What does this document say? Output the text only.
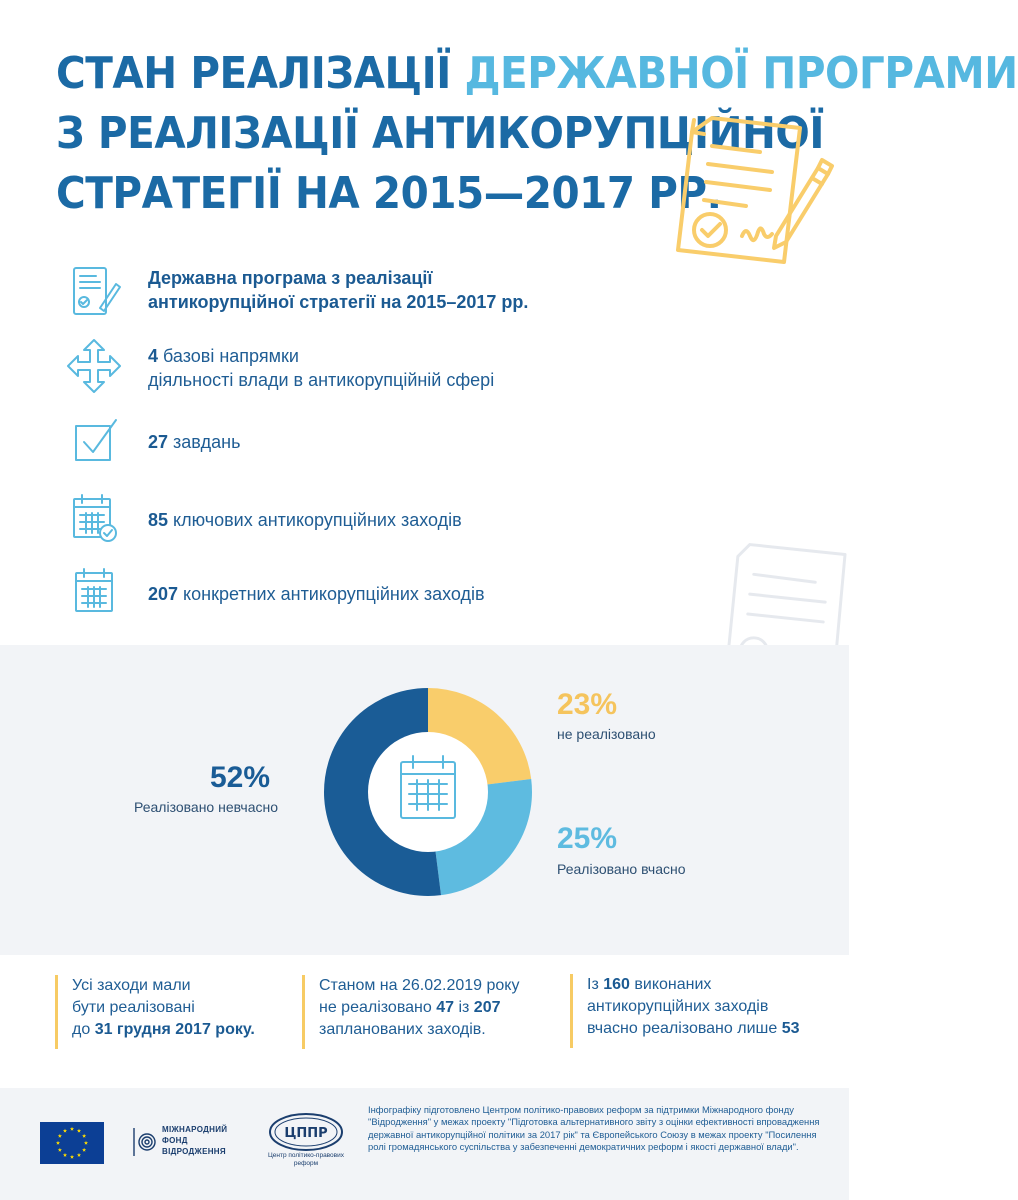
СТАН РЕАЛІЗАЦІЇ ДЕРЖАВНОЇ ПРОГРАМИ
З РЕАЛІЗАЦІЇ АНТИКОРУПЦІЙНОЇ
СТРАТЕГІЇ НА 2015—2017 РР.
Державна програма з реалізації
антикорупційної стратегії на 2015–2017 рр.
4 базові напрямки
діяльності влади в антикорупційній сфері
27 завдань
85 ключових антикорупційних заходів
207 конкретних антикорупційних заходів
23%
не реалізовано
25%
Реалізовано вчасно
52%
Реалізовано невчасно
Усі заходи мали
бути реалізовані
до 31 грудня 2017 року.
Станом на 26.02.2019 року
не реалізовано 47 із 207
запланованих заходів.
Із 160 виконаних
антикорупційних заходів
вчасно реалізовано лише 53
МІЖНАРОДНИЙ
ФОНД
ВІДРОДЖЕННЯ
ЦППР
Центр політико-правових
реформ
Інфографіку підготовлено Центром політико-правових реформ за підтримки Міжнародного фонду "Відродження" у межах проекту "Підготовка альтернативного звіту з оцінки ефективності впровадження державної антикорупційної політики за 2017 рік" та Європейського Союзу в межах проекту "Посилення ролі громадянського суспільства у забезпеченні демократичних реформ і якості державної влади".
